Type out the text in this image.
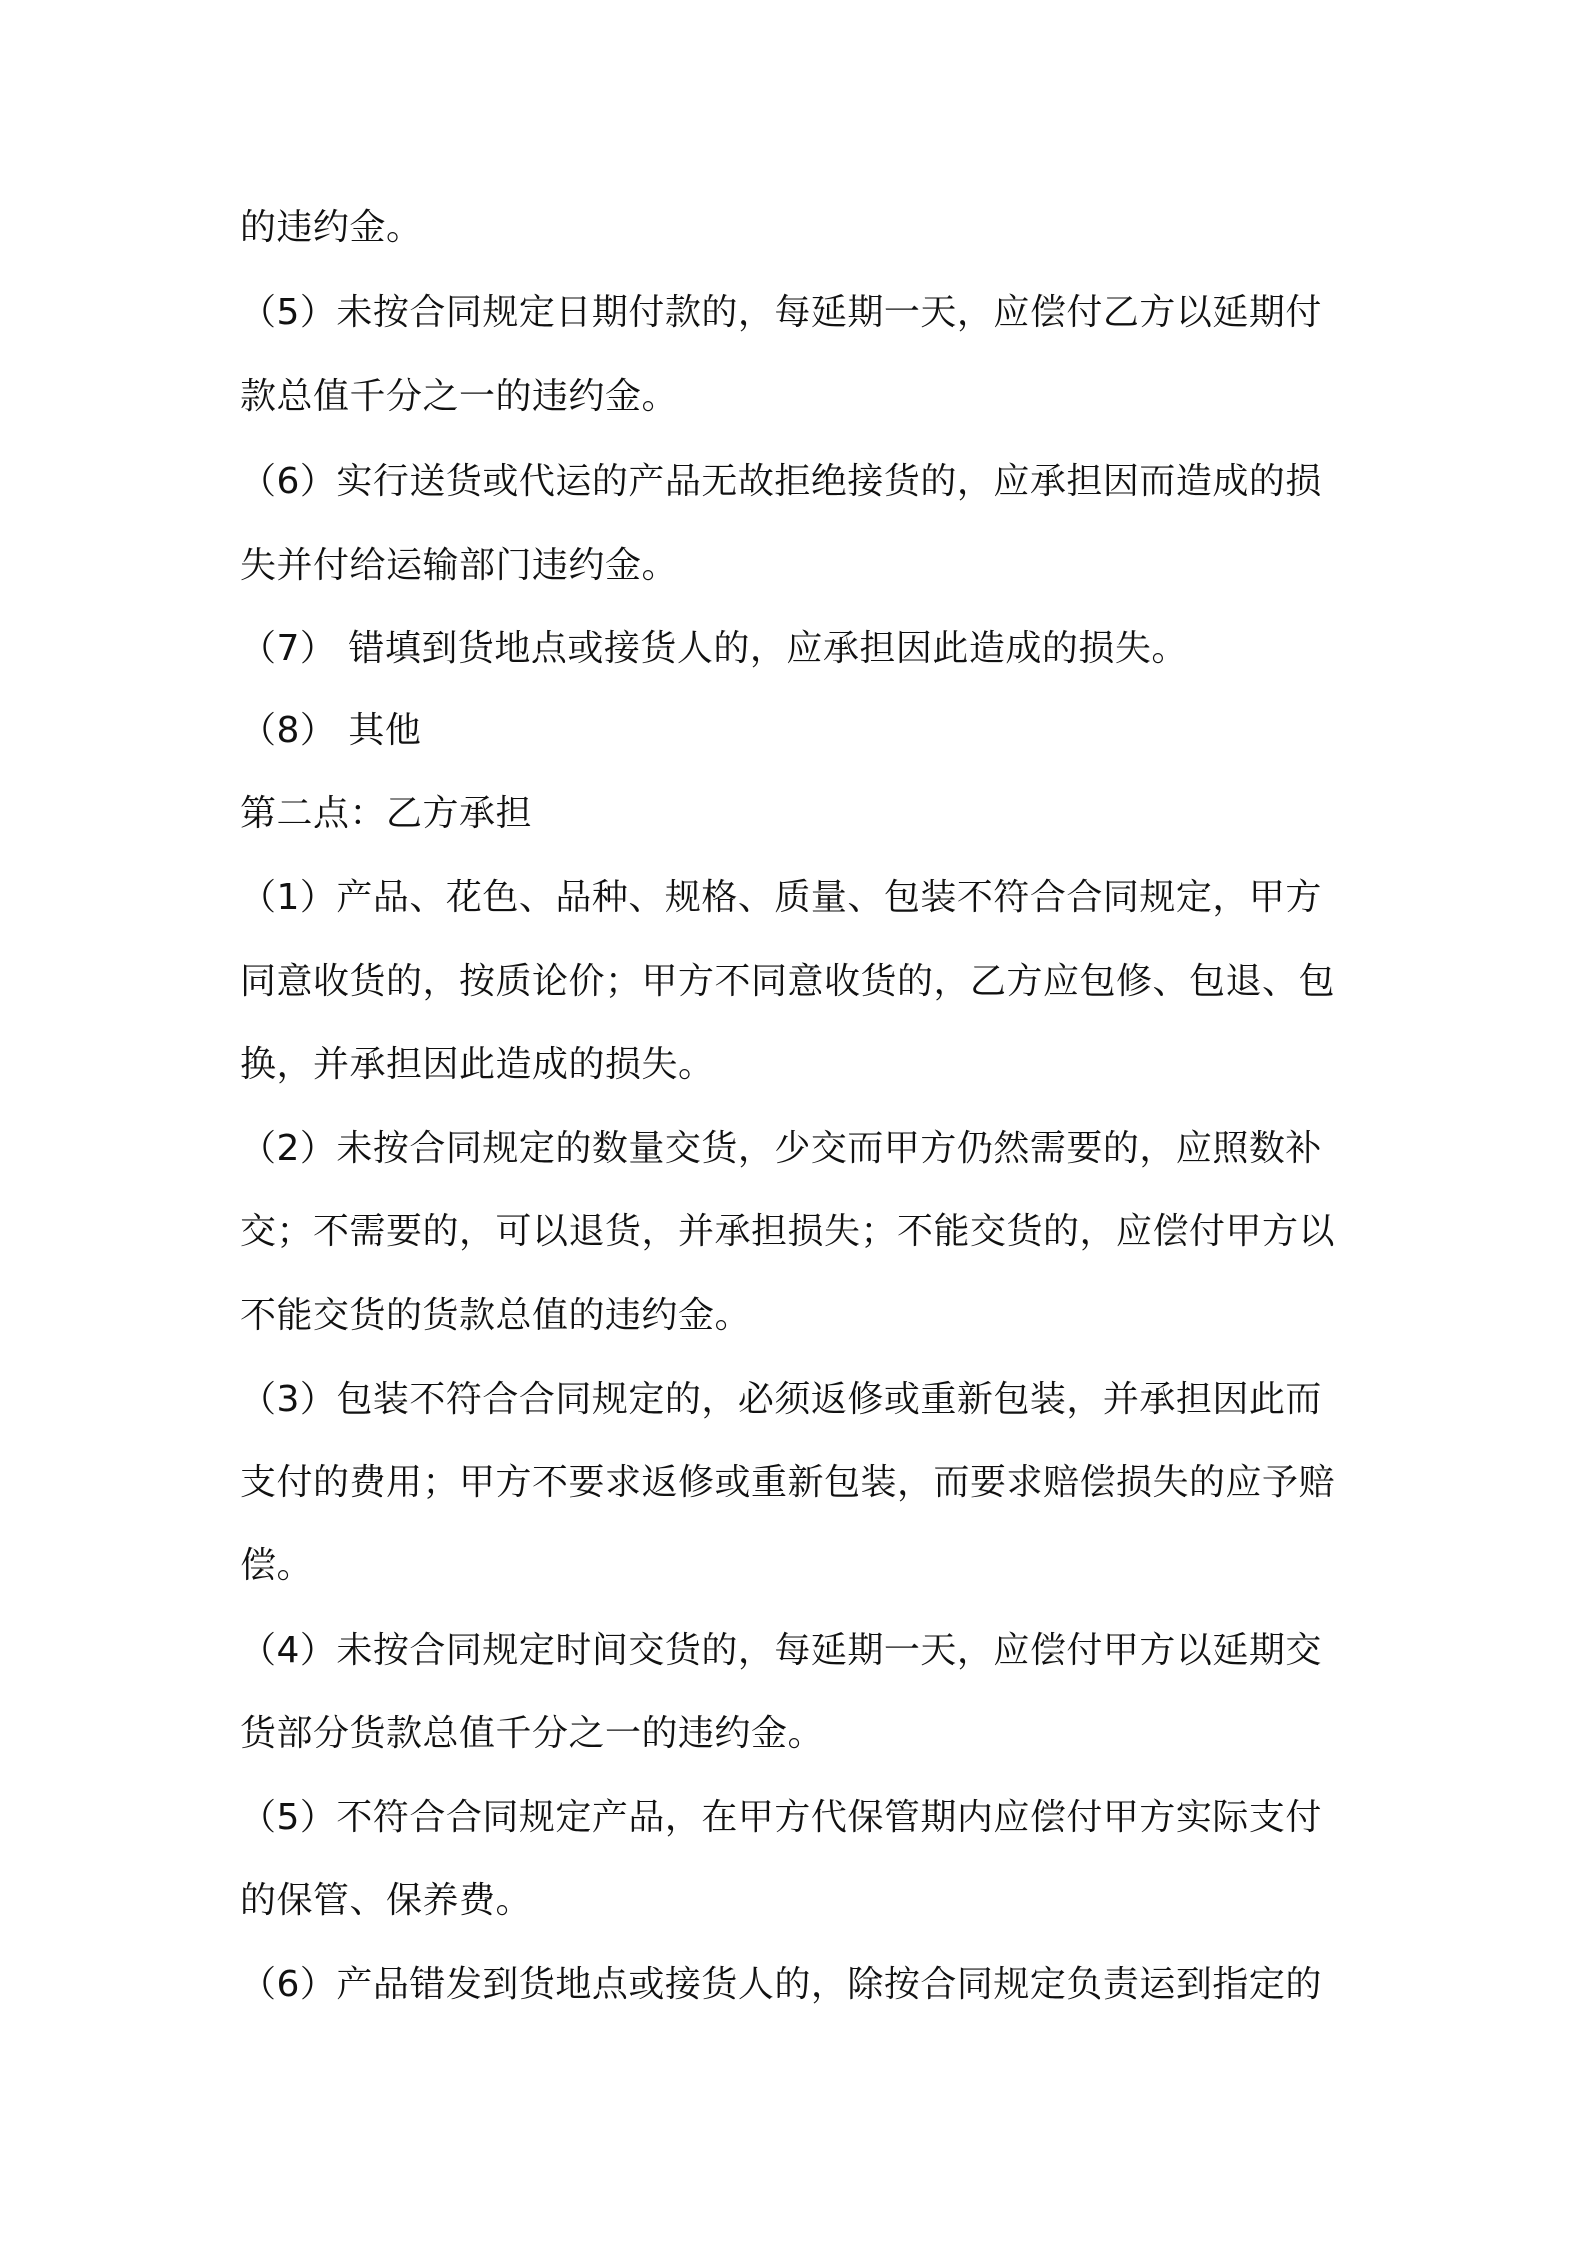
的违约金。
（5）未按合同规定日期付款的，每延期一天，应偿付乙方以延期付
款总值千分之一的违约金。
（6）实行送货或代运的产品无故拒绝接货的，应承担因而造成的损
失并付给运输部门违约金。
（7） 错填到货地点或接货人的，应承担因此造成的损失。
（8） 其他
第二点：乙方承担
（1）产品、花色、品种、规格、质量、包装不符合合同规定，甲方
同意收货的，按质论价；甲方不同意收货的，乙方应包修、包退、包
换，并承担因此造成的损失。
（2）未按合同规定的数量交货，少交而甲方仍然需要的，应照数补
交；不需要的，可以退货，并承担损失；不能交货的，应偿付甲方以
不能交货的货款总值的违约金。
（3）包装不符合合同规定的，必须返修或重新包装，并承担因此而
支付的费用；甲方不要求返修或重新包装，而要求赔偿损失的应予赔
偿。
（4）未按合同规定时间交货的，每延期一天，应偿付甲方以延期交
货部分货款总值千分之一的违约金。
（5）不符合合同规定产品，在甲方代保管期内应偿付甲方实际支付
的保管、保养费。
（6）产品错发到货地点或接货人的，除按合同规定负责运到指定的
